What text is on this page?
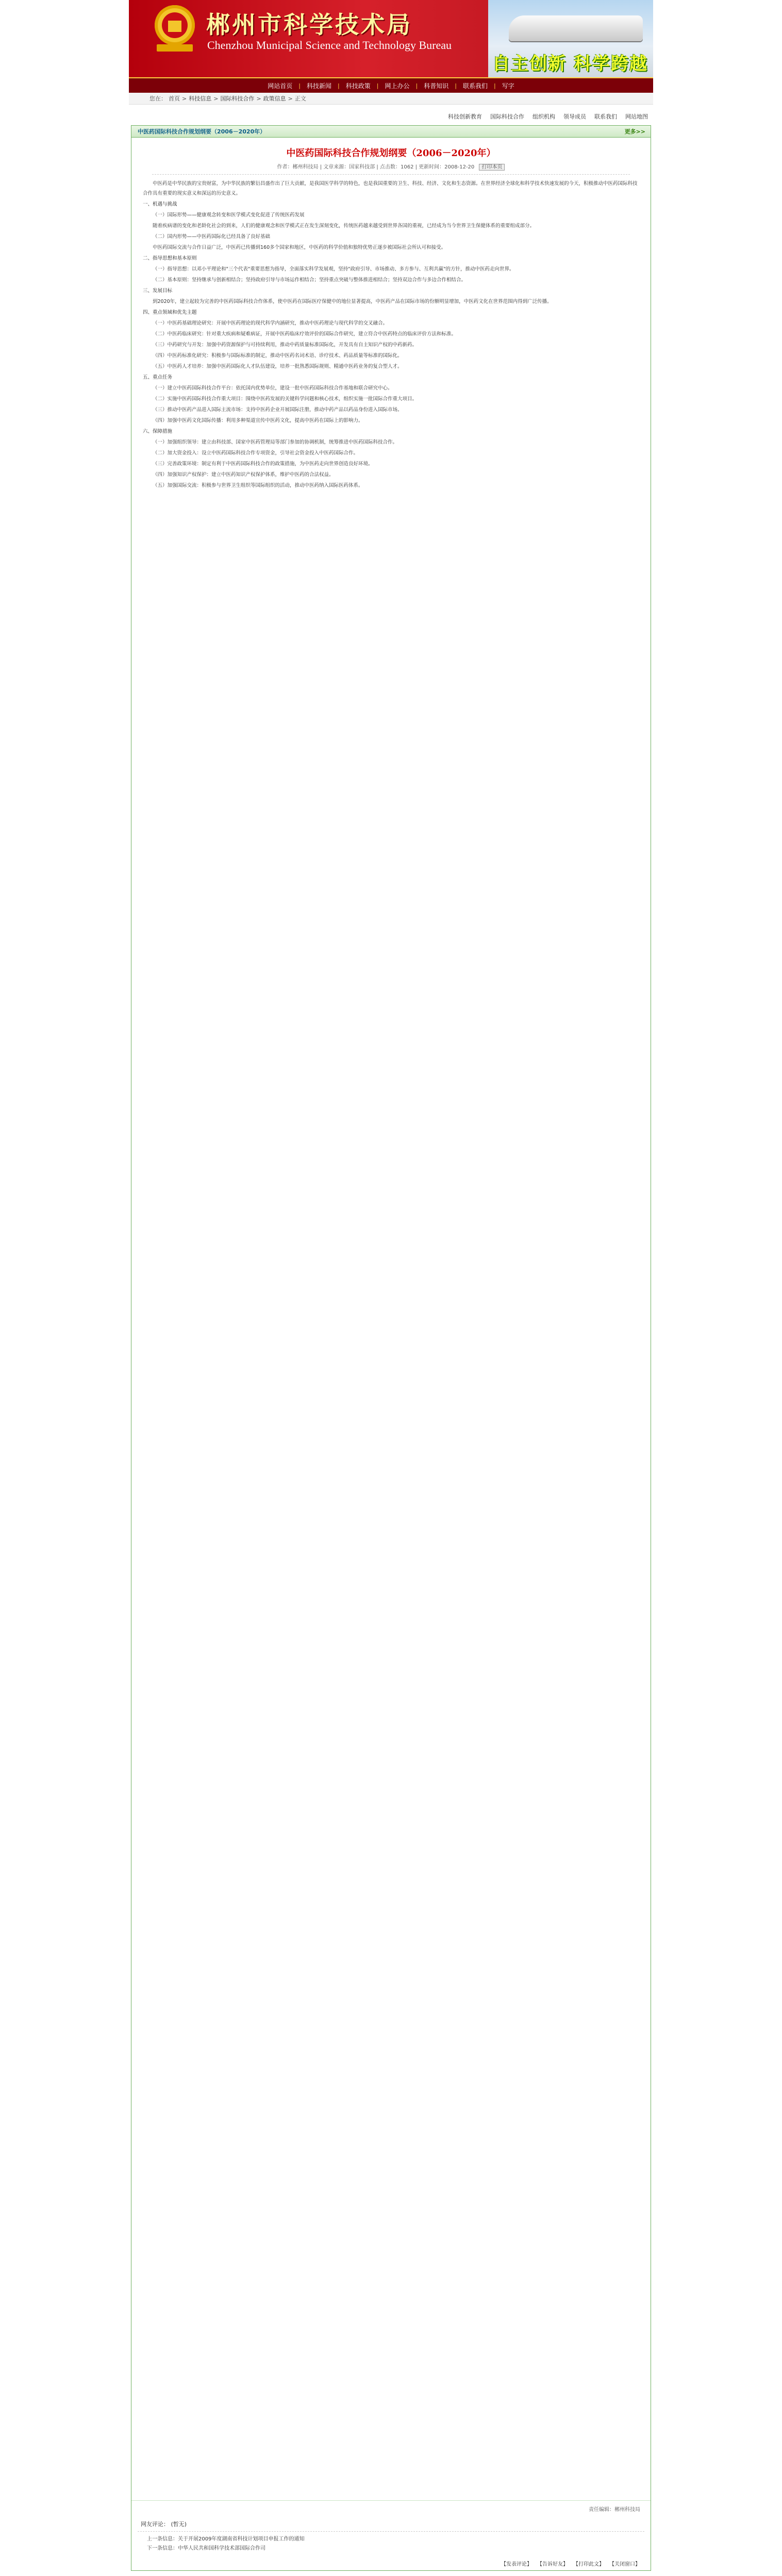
郴州市科学技术局
Chenzhou Municipal Science and Technology Bureau
自主创新 科学跨越
网站首页	|	科技新闻	|	科技政策	|	网上办公	|	科普知识	|	联系我们	|	写字
您在： 首页 > 科技信息 > 国际科技合作 > 政策信息 > 正文
科技创新教育 国际科技合作 组织机构 领导成员 联系我们 网站地图
中医药国际科技合作规划纲要（2006－2020年）	更多>>
中医药国际科技合作规划纲要（2006－2020年）
作者：郴州科技局 | 文章来源：国家科技部 | 点击数：1062 | 更新时间：2008-12-20 打印本页

中医药是中华民族的宝贵财富，为中华民族的繁衍昌盛作出了巨大贡献，是我国医学科学的特色，也是我国重要的卫生、科技、经济、文化和生态资源。在世界经济全球化和科学技术快速发展的今天，积极推动中医药国际科技合作具有重要的现实意义和深远的历史意义。

一、机遇与挑战

（一）国际形势——健康观念转变和医学模式变化促进了传统医药发展

随着疾病谱的变化和老龄化社会的到来，人们的健康观念和医学模式正在发生深刻变化，传统医药越来越受到世界各国的重视，已经成为当今世界卫生保健体系的重要组成部分。

（二）国内形势——中医药国际化已经具备了良好基础

中医药国际交流与合作日益广泛，中医药已传播到160多个国家和地区，中医药的科学价值和独特优势正逐步被国际社会所认可和接受。

二、指导思想和基本原则

（一）指导思想：以邓小平理论和"三个代表"重要思想为指导，全面落实科学发展观，坚持"政府引导、市场推动、多方参与、互利共赢"的方针，推动中医药走向世界。

（二）基本原则：坚持继承与创新相结合；坚持政府引导与市场运作相结合；坚持重点突破与整体推进相结合；坚持双边合作与多边合作相结合。

三、发展目标

到2020年，建立起较为完善的中医药国际科技合作体系，使中医药在国际医疗保健中的地位显著提高，中医药产品在国际市场的份额明显增加，中医药文化在世界范围内得到广泛传播。

四、重点领域和优先主题

（一）中医药基础理论研究：开展中医药理论的现代科学内涵研究，推动中医药理论与现代科学的交叉融合。

（二）中医药临床研究：针对重大疾病和疑难病证，开展中医药临床疗效评价的国际合作研究，建立符合中医药特点的临床评价方法和标准。

（三）中药研究与开发：加强中药资源保护与可持续利用，推动中药质量标准国际化，开发具有自主知识产权的中药新药。

（四）中医药标准化研究：积极参与国际标准的制定，推动中医药名词术语、诊疗技术、药品质量等标准的国际化。

（五）中医药人才培养：加强中医药国际化人才队伍建设，培养一批熟悉国际规则、精通中医药业务的复合型人才。

五、重点任务

（一）建立中医药国际科技合作平台：依托国内优势单位，建设一批中医药国际科技合作基地和联合研究中心。

（二）实施中医药国际科技合作重大项目：围绕中医药发展的关键科学问题和核心技术，组织实施一批国际合作重大项目。

（三）推动中医药产品进入国际主流市场：支持中医药企业开展国际注册，推动中药产品以药品身份进入国际市场。

（四）加强中医药文化国际传播：利用多种渠道宣传中医药文化，提高中医药在国际上的影响力。

六、保障措施

（一）加强组织领导：建立由科技部、国家中医药管理局等部门参加的协调机制，统筹推进中医药国际科技合作。

（二）加大资金投入：设立中医药国际科技合作专项资金，引导社会资金投入中医药国际合作。

（三）完善政策环境：制定有利于中医药国际科技合作的政策措施，为中医药走向世界创造良好环境。

（四）加强知识产权保护：建立中医药知识产权保护体系，维护中医药的合法权益。

（五）加强国际交流：积极参与世界卫生组织等国际组织的活动，推动中医药纳入国际医药体系。

责任编辑：郴州科技局
网友评论： (暂无)
上一条信息：关于开展2009年度湖南省科技计划项目申报工作的通知
下一条信息：中华人民共和国科学技术部国际合作司
【发表评论】 【告诉好友】 【打印此文】 【关闭窗口】
